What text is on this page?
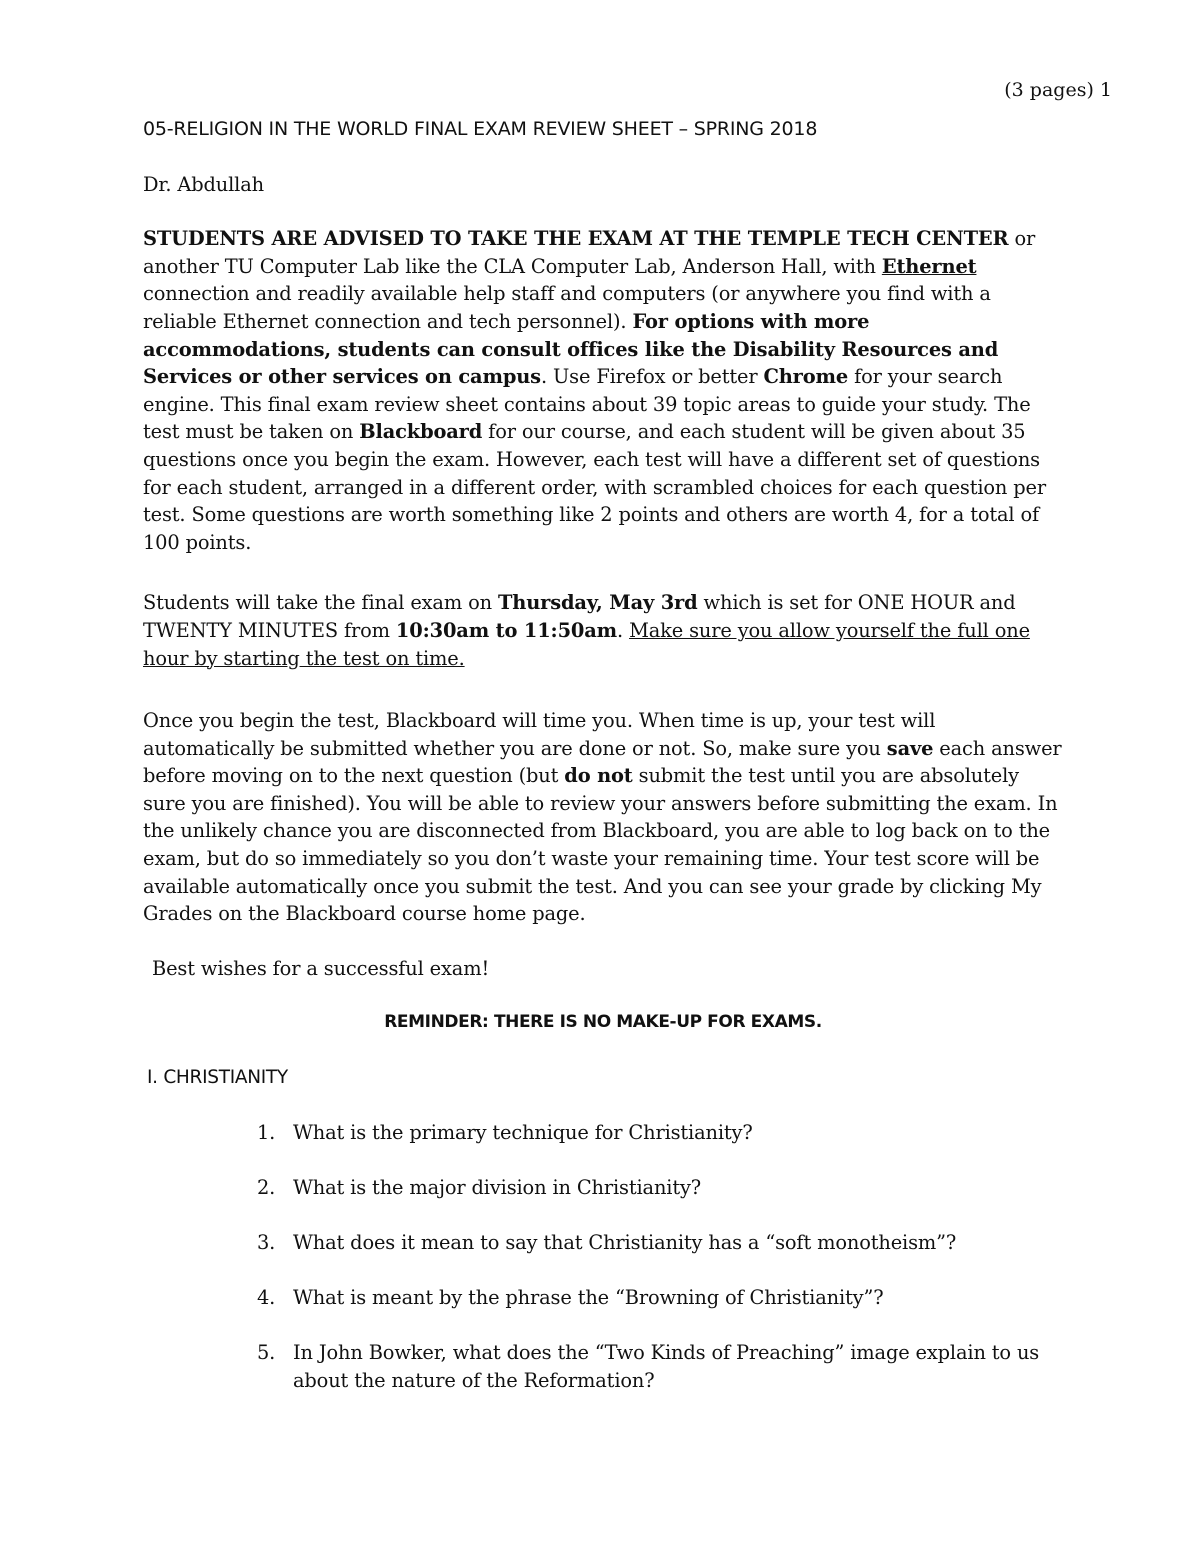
(3 pages) 1

05-RELIGION IN THE WORLD FINAL EXAM REVIEW SHEET – SPRING 2018

Dr. Abdullah

STUDENTS ARE ADVISED TO TAKE THE EXAM AT THE TEMPLE TECH CENTER or another TU Computer Lab like the CLA Computer Lab, Anderson Hall, with Ethernet connection and readily available help staff and computers (or anywhere you find with a reliable Ethernet connection and tech personnel). For options with more accommodations, students can consult offices like the Disability Resources and Services or other services on campus. Use Firefox or better Chrome for your search engine. This final exam review sheet contains about 39 topic areas to guide your study. The test must be taken on Blackboard for our course, and each student will be given about 35 questions once you begin the exam. However, each test will have a different set of questions for each student, arranged in a different order, with scrambled choices for each question per test. Some questions are worth something like 2 points and others are worth 4, for a total of 100 points.

Students will take the final exam on Thursday, May 3rd which is set for ONE HOUR and TWENTY MINUTES from 10:30am to 11:50am. Make sure you allow yourself the full one hour by starting the test on time.

Once you begin the test, Blackboard will time you. When time is up, your test will automatically be submitted whether you are done or not. So, make sure you save each answer before moving on to the next question (but do not submit the test until you are absolutely sure you are finished). You will be able to review your answers before submitting the exam. In the unlikely chance you are disconnected from Blackboard, you are able to log back on to the exam, but do so immediately so you don’t waste your remaining time. Your test score will be available automatically once you submit the test. And you can see your grade by clicking My Grades on the Blackboard course home page.

Best wishes for a successful exam!

REMINDER: THERE IS NO MAKE-UP FOR EXAMS.

I. CHRISTIANITY

1. What is the primary technique for Christianity?
2. What is the major division in Christianity?
3. What does it mean to say that Christianity has a “soft monotheism”?
4. What is meant by the phrase the “Browning of Christianity”?
5. In John Bowker, what does the “Two Kinds of Preaching” image explain to us about the nature of the Reformation?
